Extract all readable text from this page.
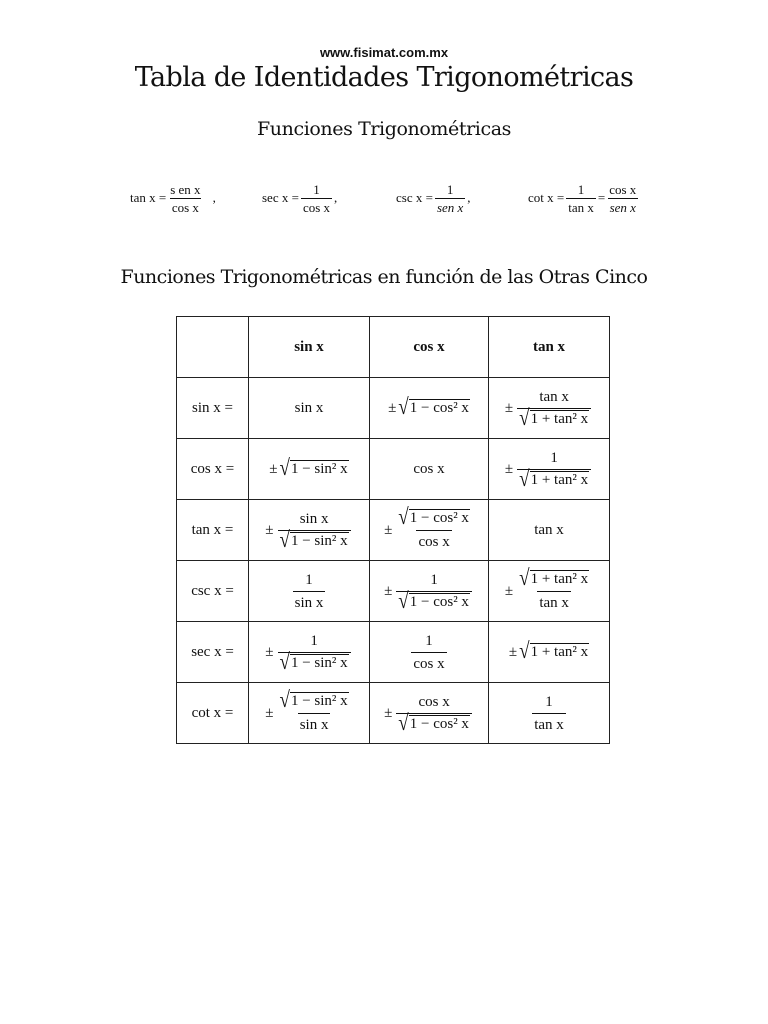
www.fisimat.com.mx
Tabla de Identidades Trigonométricas
Funciones Trigonométricas
$\tan x = \frac{\text{s en x}}{\text{cos x}}$ ,	$\sec x = \frac{1}{\text{cos x}}$ ,	csc x =
1
sen x
,	$\cot x = \frac{1}{\text{tan x}}$ =
cos x
sen x
Funciones Trigonométricas en función de las Otras Cinco
	sin x	cos x	tan x
sin x =	sin x	± √ 1 − cos² x	± $\frac{\text{tan x}}{\text{√ 1 + tan² x}}$

cos x =	± √ 1 − sin² x	cos x	± $\frac{1}{\text{√ 1 + tan² x}}$

tan x =	± $\frac{\text{sin x}}{\text{√ 1 − sin² x}}$	± $\frac{\text{√ 1 − cos² x}}{\text{cos x}}$	tan x

csc x =	$\frac{1}{\text{sin x}}$	± $\frac{1}{\text{√ 1 − cos² x}}$	± $\frac{\text{√ 1 + tan² x}}{\text{tan x}}$

sec x =	± $\frac{1}{\text{√ 1 − sin² x}}$	$\frac{1}{\text{cos x}}$	± √ 1 + tan² x

cot x =	± $\frac{\text{√ 1 − sin² x}}{\text{sin x}}$	± $\frac{\text{cos x}}{\text{√ 1 − cos² x}}$	$\frac{1}{\text{tan x}}$
